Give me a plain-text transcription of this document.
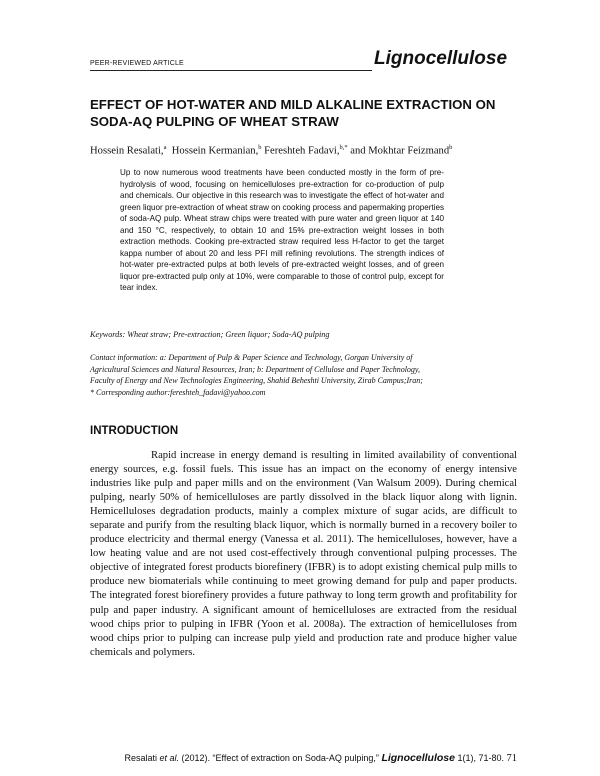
PEER-REVIEWED ARTICLE	Lignocellulose
EFFECT OF HOT-WATER AND MILD ALKALINE EXTRACTION ON SODA-AQ PULPING OF WHEAT STRAW
Hossein Resalati,$^a$ Hossein Kermanian,$^b$ Fereshteh Fadavi,$^{b,*}$ and Mokhtar Feizmand$^b$
Up to now numerous wood treatments have been conducted mostly in the form of pre-hydrolysis of wood, focusing on hemicelluloses pre-extraction for co-production of pulp and chemicals. Our objective in this research was to investigate the effect of hot-water and green liquor pre-extraction of wheat straw on cooking process and papermaking properties of soda-AQ pulp. Wheat straw chips were treated with pure water and green liquor at 140 and 150 °C, respectively, to obtain 10 and 15% pre-extraction weight losses in both extraction methods. Cooking pre-extracted straw required less H-factor to get the target kappa number of about 20 and less PFI mill refining revolutions. The strength indices of hot-water pre-extracted pulps at both levels of pre-extracted weight losses, and of green liquor pre-extracted pulp only at 10%, were comparable to those of control pulp, except for tear index.
Keywords: Wheat straw; Pre-extraction; Green liquor; Soda-AQ pulping
Contact information: a: Department of Pulp & Paper Science and Technology, Gorgan University of
Agricultural Sciences and Natural Resources, Iran; b: Department of Cellulose and Paper Technology,
Faculty of Energy and New Technologies Engineering, Shahid Beheshti University, Zirab Campus;Iran;
* Corresponding author:fereshteh_fadavi@yahoo.com
INTRODUCTION

Rapid increase in energy demand is resulting in limited availability of conventional energy sources, e.g. fossil fuels. This issue has an impact on the economy of energy intensive industries like pulp and paper mills and on the environment (Van Walsum 2009). During chemical pulping, nearly 50% of hemicelluloses are partly dissolved in the black liquor along with lignin. Hemicelluloses degradation products, mainly a complex mixture of sugar acids, are difficult to separate and purify from the resulting black liquor, which is normally burned in a recovery boiler to produce electricity and thermal energy (Vanessa et al. 2011). The hemicelluloses, however, have a low heating value and are not used cost-effectively through conventional pulping processes. The objective of integrated forest products biorefinery (IFBR) is to adopt existing chemical pulp mills to produce new biomaterials while continuing to meet growing demand for pulp and paper products. The integrated forest biorefinery provides a future pathway to long term growth and profitability for pulp and paper industry. A significant amount of hemicelluloses are extracted from the residual wood chips prior to pulping in IFBR (Yoon et al. 2008a). The extraction of hemicelluloses from wood chips prior to pulping can increase pulp yield and production rate and produce higher value chemicals and polymers.

Resalati et al. (2012). “Effect of extraction on Soda-AQ pulping,” Lignocellulose 1(1), 71-80. 71
